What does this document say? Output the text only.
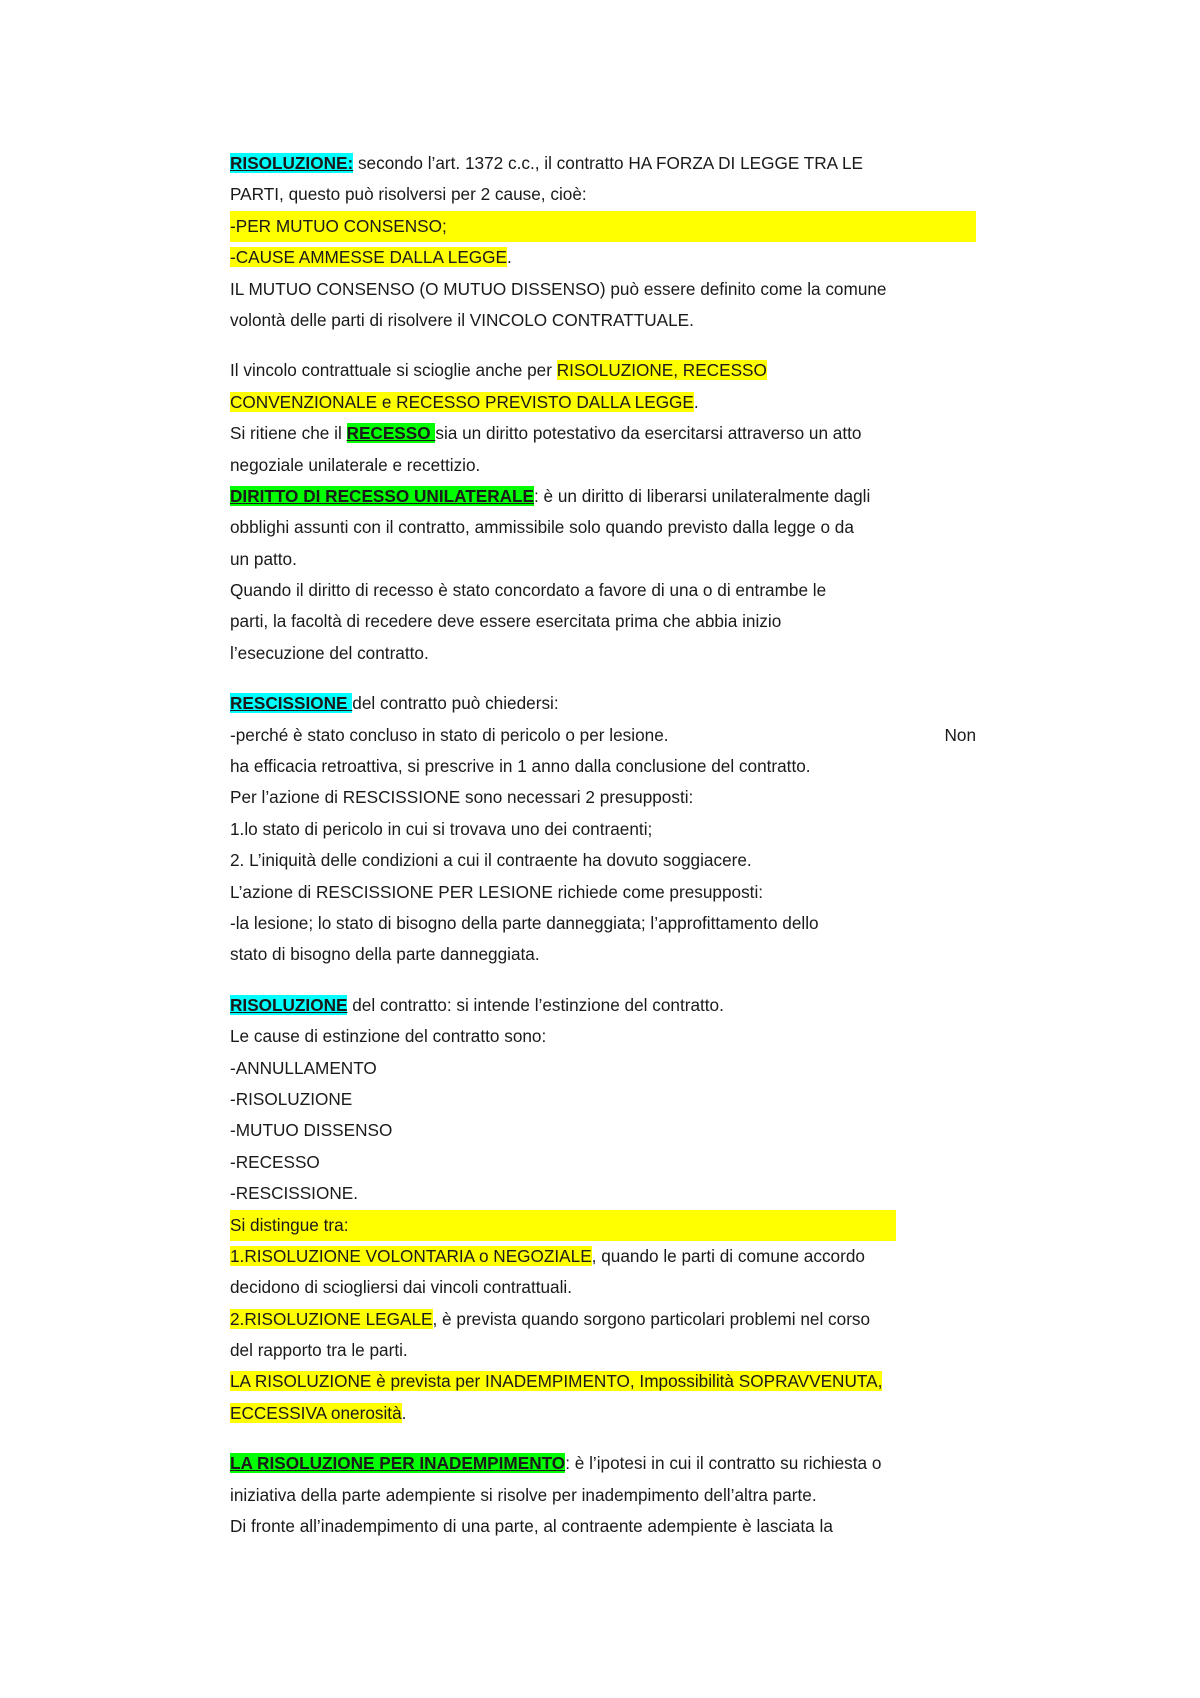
RISOLUZIONE: secondo l’art. 1372 c.c., il contratto HA FORZA DI LEGGE TRA LE
PARTI, questo può risolversi per 2 cause, cioè:
-PER MUTUO CONSENSO;
-CAUSE AMMESSE DALLA LEGGE.
IL MUTUO CONSENSO (O MUTUO DISSENSO) può essere definito come la comune
volontà delle parti di risolvere il VINCOLO CONTRATTUALE.
Il vincolo contrattuale si scioglie anche per RISOLUZIONE, RECESSO
CONVENZIONALE e RECESSO PREVISTO DALLA LEGGE.
Si ritiene che il RECESSO sia un diritto potestativo da esercitarsi attraverso un atto
negoziale unilaterale e recettizio.
DIRITTO DI RECESSO UNILATERALE: è un diritto di liberarsi unilateralmente dagli
obblighi assunti con il contratto, ammissibile solo quando previsto dalla legge o da
un patto.
Quando il diritto di recesso è stato concordato a favore di una o di entrambe le
parti, la facoltà di recedere deve essere esercitata prima che abbia inizio
l’esecuzione del contratto.
RESCISSIONE del contratto può chiedersi:
-perché è stato concluso in stato di pericolo o per lesione.	Non
ha efficacia retroattiva, si prescrive in 1 anno dalla conclusione del contratto.
Per l’azione di RESCISSIONE sono necessari 2 presupposti:
1.lo stato di pericolo in cui si trovava uno dei contraenti;
2. L’iniquità delle condizioni a cui il contraente ha dovuto soggiacere.
L’azione di RESCISSIONE PER LESIONE richiede come presupposti:
-la lesione; lo stato di bisogno della parte danneggiata; l’approfittamento dello
stato di bisogno della parte danneggiata.
RISOLUZIONE del contratto: si intende l’estinzione del contratto.
Le cause di estinzione del contratto sono:
-ANNULLAMENTO
-RISOLUZIONE
-MUTUO DISSENSO
-RECESSO
-RESCISSIONE.
Si distingue tra:
1.RISOLUZIONE VOLONTARIA o NEGOZIALE, quando le parti di comune accordo
decidono di sciogliersi dai vincoli contrattuali.
2.RISOLUZIONE LEGALE, è prevista quando sorgono particolari problemi nel corso
del rapporto tra le parti.
LA RISOLUZIONE è prevista per INADEMPIMENTO, Impossibilità SOPRAVVENUTA,
ECCESSIVA onerosità.
LA RISOLUZIONE PER INADEMPIMENTO: è l’ipotesi in cui il contratto su richiesta o
iniziativa della parte adempiente si risolve per inadempimento dell’altra parte.
Di fronte all’inadempimento di una parte, al contraente adempiente è lasciata la
